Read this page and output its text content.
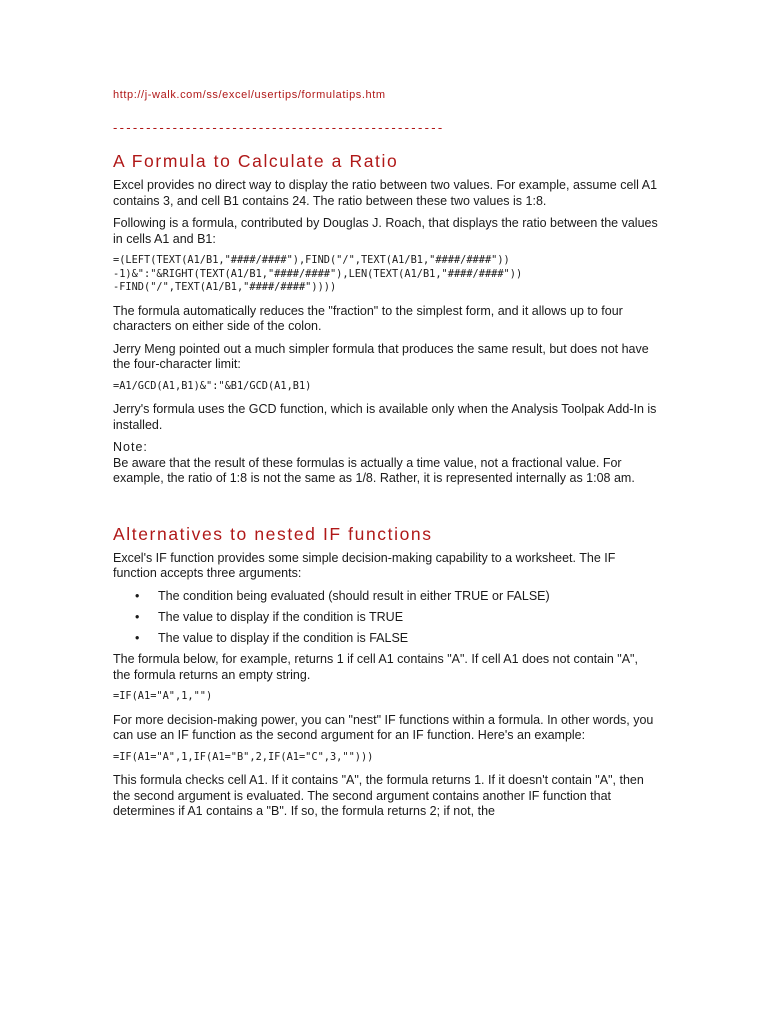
http://j-walk.com/ss/excel/usertips/formulatips.htm
--------------------------------------------------
A Formula to Calculate a Ratio

Excel provides no direct way to display the ratio between two values. For example, assume cell A1 contains 3, and cell B1 contains 24. The ratio between these two values is 1:8.

Following is a formula, contributed by Douglas J. Roach, that displays the ratio between the values in cells A1 and B1:

=(LEFT(TEXT(A1/B1,"####/####"),FIND("/",TEXT(A1/B1,"####/####"))
-1)&":"&RIGHT(TEXT(A1/B1,"####/####"),LEN(TEXT(A1/B1,"####/####"))
-FIND("/",TEXT(A1/B1,"####/####"))))

The formula automatically reduces the "fraction" to the simplest form, and it allows up to four characters on either side of the colon.

Jerry Meng pointed out a much simpler formula that produces the same result, but does not have the four-character limit:

=A1/GCD(A1,B1)&":"&B1/GCD(A1,B1)

Jerry's formula uses the GCD function, which is available only when the Analysis Toolpak Add-In is installed.

Note:

Be aware that the result of these formulas is actually a time value, not a fractional value. For example, the ratio of 1:8 is not the same as 1/8. Rather, it is represented internally as 1:08 am.

Alternatives to nested IF functions

Excel's IF function provides some simple decision-making capability to a worksheet. The IF function accepts three arguments:

• The condition being evaluated (should result in either TRUE or FALSE)
• The value to display if the condition is TRUE
• The value to display if the condition is FALSE

The formula below, for example, returns 1 if cell A1 contains "A". If cell A1 does not contain "A", the formula returns an empty string.

=IF(A1="A",1,"")

For more decision-making power, you can "nest" IF functions within a formula. In other words, you can use an IF function as the second argument for an IF function. Here's an example:

=IF(A1="A",1,IF(A1="B",2,IF(A1="C",3,"")))

This formula checks cell A1. If it contains "A", the formula returns 1. If it doesn't contain "A", then the second argument is evaluated. The second argument contains another IF function that determines if A1 contains a "B". If so, the formula returns 2; if not, the
